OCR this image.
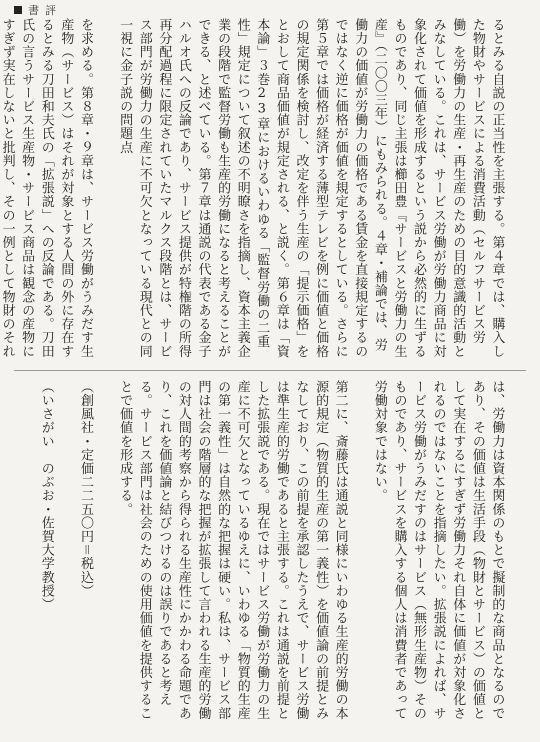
書評

るとみる自説の正当性を主張する。第４章では、購入した物財やサービスによる消費活動（セルフサービス労働）を労働力の生産・再生産のための目的意識的活動とみなしている。これは、サービス労働が労働力商品に対象化されて価値を形成するという説から必然的に生ずるものであり、同じ主張は櫛田豊『サービスと労働力の生産』（二〇〇三年）にもみられる。４章・補論では、労働力の価値が労働力の価格である賃金を直接規定するのではなく逆に価格が価値を規定するとしている。さらに第５章では価格が経済する薄型テレビを例に価値と価格の規定関係を検討し、改定を伴う生産の「提示価格」をとおして商品価値が規定される、と説く。第６章は「資本論」３巻23章におけるいわゆる「監督労働の二重性」規定について叙述の不明瞭さを指摘し、資本主義企業の段階で監督労働も生産的労働になると考えることができる、と述べている。第７章は通説の代表である金子ハルオ氏への反論であり、サービス提供が特権階の所得再分配過程に限定されていたマルクス段階とは、サービス部門が労働力の生産に不可欠となっている現代との同一視に金子説の問題点

を求める。第８章・９章は、サービス労働がうみだす生産物（サービス）はそれが対象とする人間の外に存在するとみる刀田和夫氏の「拡張説」への反論である。刀田氏の言うサービス生産物・サービス商品は観念の産物にすぎず実在しないと批判し、その一例として物財のそれ

は、労働力は資本関係のもとで擬制的な商品となるのであり、その価値は生活手段（物財とサービス）の価値として実在するにすぎず労働力それ自体に価値が対象化されるのではないことを指摘したい。拡張説によれば、サービス労働がうみだすのはサービス（無形生産物）そのものであり、サービスを購入する個人は消費者であって労働対象ではない。

第二に、斎藤氏は通説と同様にいわゆる生産的労働の本源的規定（物質的生産の第一義性）を価値論の前提とみなしており、この前提を承認したうえで、サービス労働は準生産的労働であると主張する。これは通説を前提とした拡張説である。現在ではサービス労働が労働力の生産に不可欠となっているゆえに、いわゆる「物質的生産の第一義性」は自然的な把握は硬い。私は、サービス部門は社会の階層的な把握が拡張して言われる生産的労働の対人間的考察から得られる生産性にかかわる命題であり、これを価値論と結びつけるのは誤りであると考える。サービス部門は社会のための使用価値を提供することで価値を形成する。

（創風社・定価二二五〇円＝税込）

（いさがい　のぶお・佐賀大学教授）
